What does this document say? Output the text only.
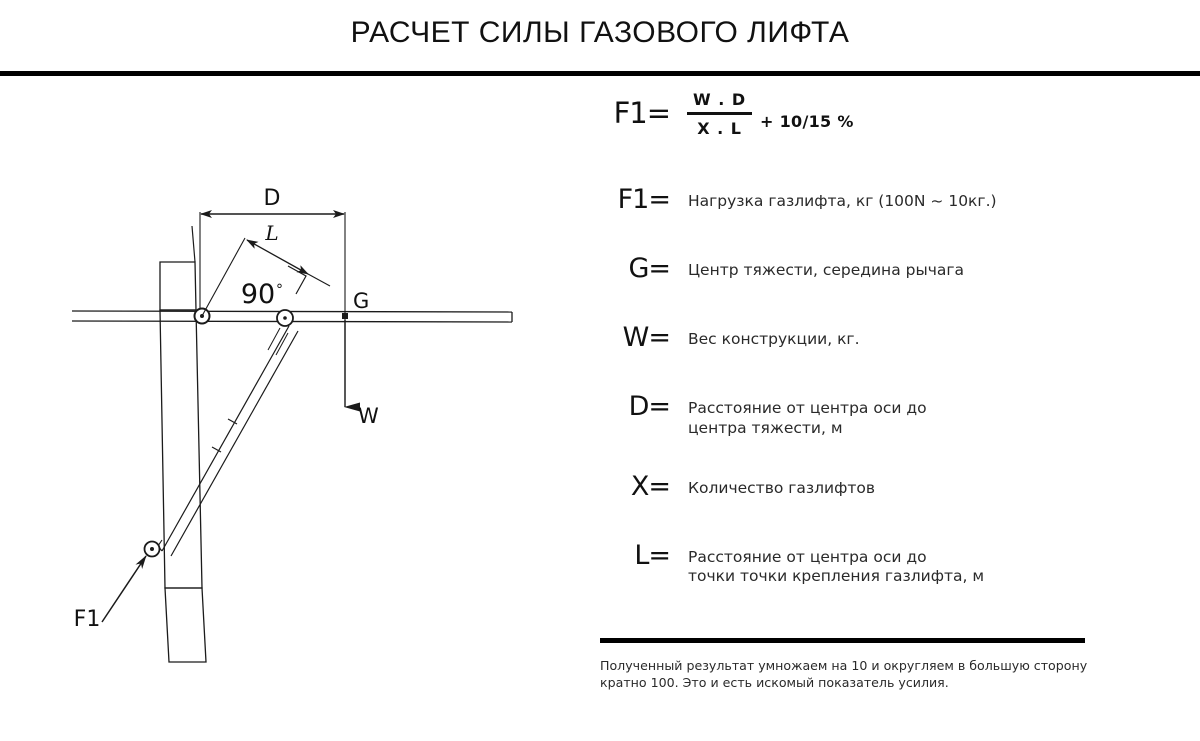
РАСЧЕТ СИЛЫ ГАЗОВОГО ЛИФТА
D
L
90 °
F1
G
W
F1=	W . D
X . L	+ 10/15 %
F1=	Нагрузка газлифта, кг (100N ~ 10кг.)
G=	Центр тяжести, середина рычага
W=	Вес конструкции, кг.
D=	Расстояние от центра оси до
центра тяжести, м
X=	Количество газлифтов
L=	Расстояние от центра оси до
точки точки крепления газлифта, м
Полученный результат умножаем на 10 и округляем в большую сторону
кратно 100. Это и есть искомый показатель усилия.
